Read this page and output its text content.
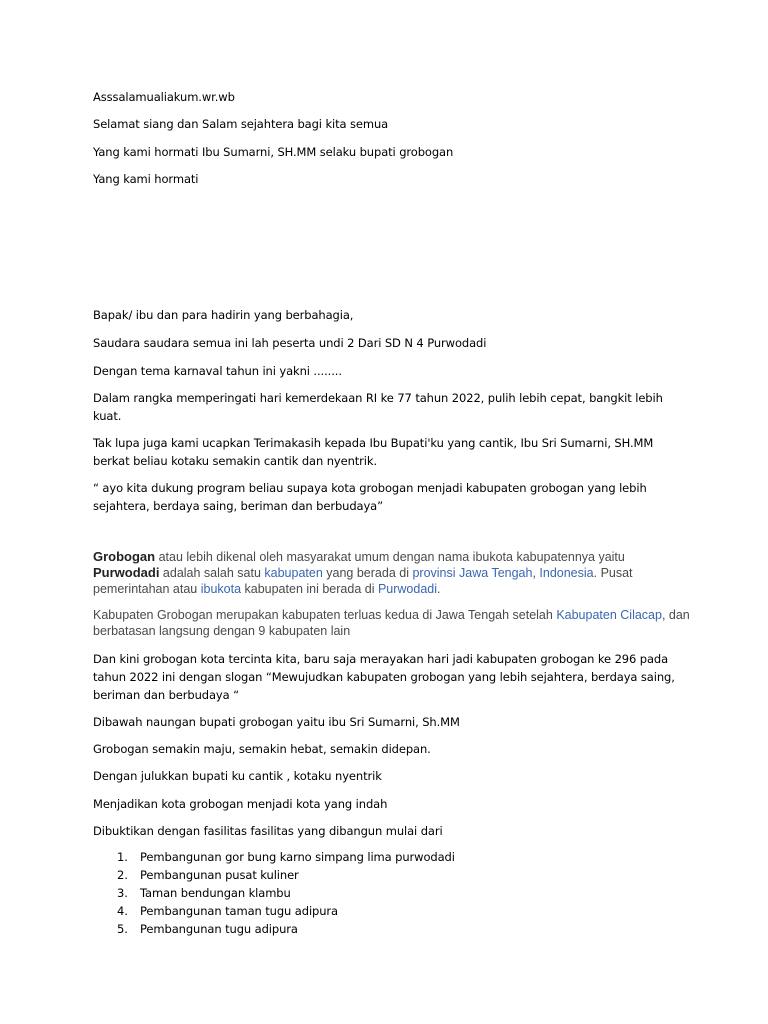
Asssalamualiakum.wr.wb

Selamat siang dan Salam sejahtera bagi kita semua

Yang kami hormati Ibu Sumarni, SH.MM selaku bupati grobogan

Yang kami hormati

Bapak/ ibu dan para hadirin yang berbahagia,

Saudara saudara semua ini lah peserta undi 2 Dari SD N 4 Purwodadi

Dengan tema karnaval tahun ini yakni ........

Dalam rangka memperingati hari kemerdekaan RI ke 77 tahun 2022, pulih lebih cepat, bangkit lebih kuat.

Tak lupa juga kami ucapkan Terimakasih kepada Ibu Bupati'ku yang cantik, Ibu Sri Sumarni, SH.MM berkat beliau kotaku semakin cantik dan nyentrik.

“ ayo kita dukung program beliau supaya kota grobogan menjadi kabupaten grobogan yang lebih sejahtera, berdaya saing, beriman dan berbudaya”

Grobogan atau lebih dikenal oleh masyarakat umum dengan nama ibukota kabupatennya yaitu Purwodadi adalah salah satu kabupaten yang berada di provinsi Jawa Tengah, Indonesia. Pusat pemerintahan atau ibukota kabupaten ini berada di Purwodadi.

Kabupaten Grobogan merupakan kabupaten terluas kedua di Jawa Tengah setelah Kabupaten Cilacap, dan berbatasan langsung dengan 9 kabupaten lain

Dan kini grobogan kota tercinta kita, baru saja merayakan hari jadi kabupaten grobogan ke 296 pada tahun 2022 ini dengan slogan “Mewujudkan kabupaten grobogan yang lebih sejahtera, berdaya saing, beriman dan berbudaya “

Dibawah naungan bupati grobogan yaitu ibu Sri Sumarni, Sh.MM

Grobogan semakin maju, semakin hebat, semakin didepan.

Dengan julukkan bupati ku cantik , kotaku nyentrik

Menjadikan kota grobogan menjadi kota yang indah

Dibuktikan dengan fasilitas fasilitas yang dibangun mulai dari

1.	Pembangunan gor bung karno simpang lima purwodadi
2.	Pembangunan pusat kuliner
3.	Taman bendungan klambu
4.	Pembangunan taman tugu adipura
5.	Pembangunan tugu adipura
